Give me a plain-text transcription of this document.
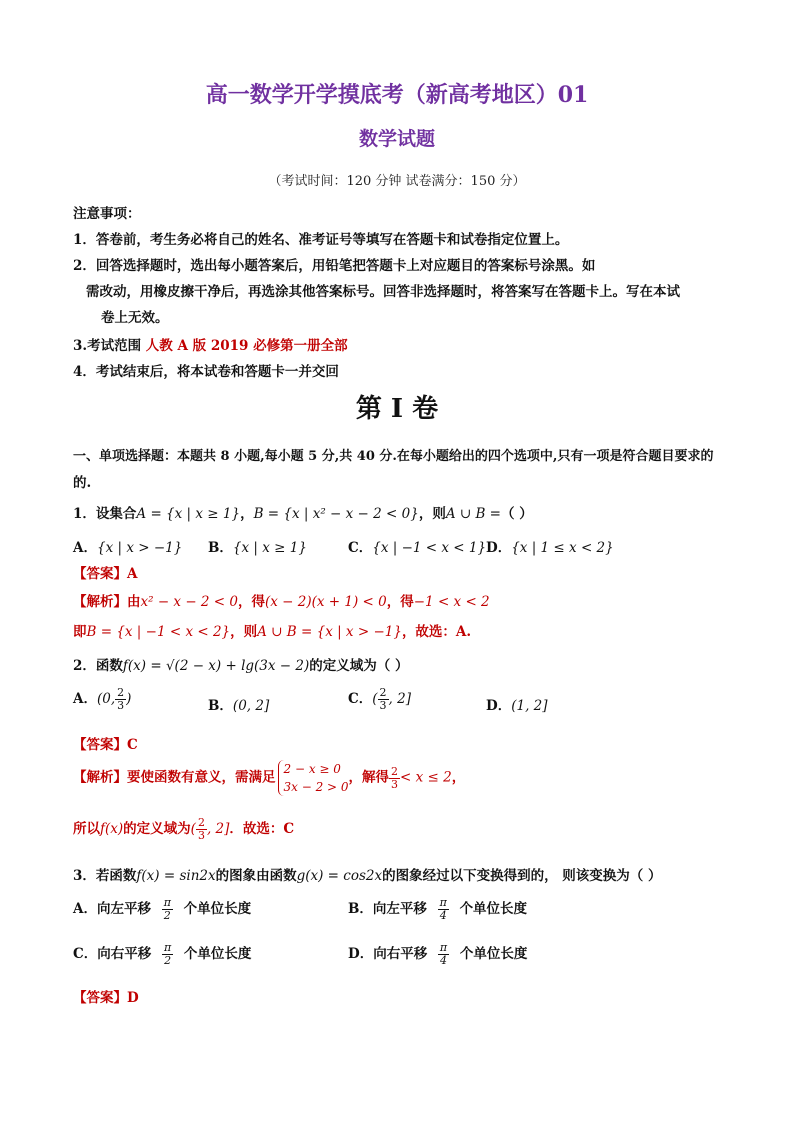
高一数学开学摸底考（新高考地区）01
数学试题
（考试时间：120 分钟 试卷满分：150 分）
注意事项：
1．答卷前，考生务必将自己的姓名、准考证号等填写在答题卡和试卷指定位置上。
2．回答选择题时，选出每小题答案后，用铅笔把答题卡上对应题目的答案标号涂黑。如
需改动，用橡皮擦干净后，再选涂其他答案标号。回答非选择题时，将答案写在答题卡上。写在本试
卷上无效。
3.考试范围 人教 A 版 2019 必修第一册全部
4．考试结束后，将本试卷和答题卡一并交回
第 I 卷
一、单项选择题：本题共 8 小题,每小题 5 分,共 40 分.在每小题给出的四个选项中,只有一项是符合题目要求的
的.
1．设集合A = {x | x ≥ 1}，B = {x | x² − x − 2 < 0}，则A ∪ B =（ ）
A．{x | x > −1} B．{x | x ≥ 1}	C．{x | −1 < x < 1} D．{x | 1 ≤ x < 2}
【答案】A
【解析】由x² − x − 2 < 0，得(x − 2)(x + 1) < 0，得−1 < x < 2
即B = {x | −1 < x < 2}，则A ∪ B = {x | x > −1}，故选：A.
2．函数f(x) = √(2 − x) + lg(3x − 2)的定义域为（ ）
A．(0, $\frac{2}{3}$ )	B．(0, 2]	C．( $\frac{2}{3}$ , 2]	D．(1, 2]
【答案】C
【解析】要使函数有意义，需满足
2 − x ≥ 0
3x − 2 > 0
，解得 $\frac{2}{3} < x \le 2$，
所以f(x)的定义域为( $\frac{2}{3}$ , 2]．故选：C
3．若函数f(x) = sin2x的图象由函数g(x) = cos2x的图象经过以下变换得到的， 则该变换为（ ）
A．向左平移 $\frac{\pi}{2}$ 个单位长度	B．向左平移 $\frac{\pi}{4}$ 个单位长度
C．向右平移 $\frac{\pi}{2}$ 个单位长度	D．向右平移 $\frac{\pi}{4}$ 个单位长度
【答案】D
